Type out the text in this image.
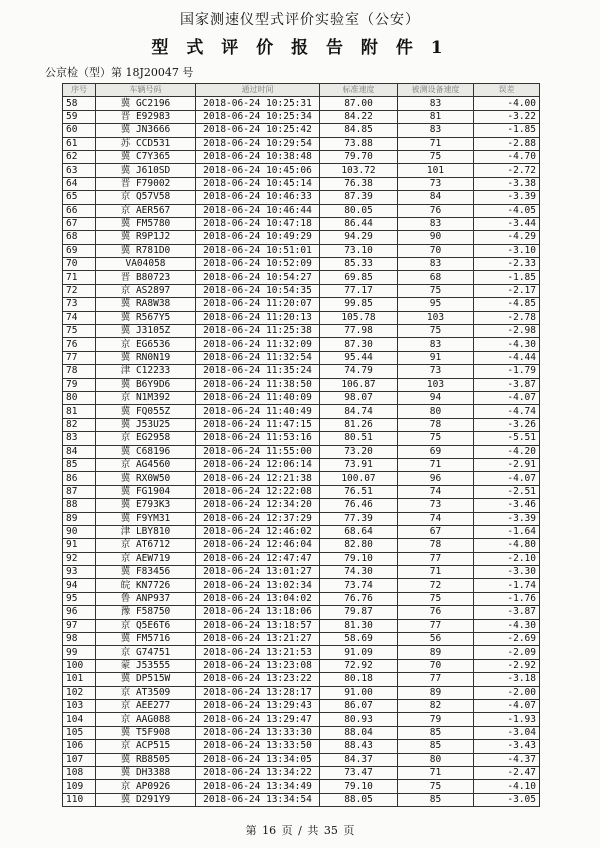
国家测速仪型式评价实验室（公安）
型 式 评 价 报 告 附 件 1
公京检（型）第 18J20047 号
序号	车辆号码	通过时间	标准速度	被测设备速度	误差
58	冀 GC2196	2018-06-24 10:25:31	87.00	83	-4.00
59	晋 E92983	2018-06-24 10:25:34	84.22	81	-3.22
60	冀 JN3666	2018-06-24 10:25:42	84.85	83	-1.85
61	苏 CCD531	2018-06-24 10:29:54	73.88	71	-2.88
62	冀 C7Y365	2018-06-24 10:38:48	79.70	75	-4.70
63	冀 J610SD	2018-06-24 10:45:06	103.72	101	-2.72
64	晋 F79002	2018-06-24 10:45:14	76.38	73	-3.38
65	京 Q57V58	2018-06-24 10:46:33	87.39	84	-3.39
66	京 AER567	2018-06-24 10:46:44	80.05	76	-4.05
67	冀 FM5780	2018-06-24 10:47:18	86.44	83	-3.44
68	冀 R9P1J2	2018-06-24 10:49:29	94.29	90	-4.29
69	冀 R781D0	2018-06-24 10:51:01	73.10	70	-3.10
70	VA04058	2018-06-24 10:52:09	85.33	83	-2.33
71	晋 B80723	2018-06-24 10:54:27	69.85	68	-1.85
72	京 AS2897	2018-06-24 10:54:35	77.17	75	-2.17
73	冀 RA8W38	2018-06-24 11:20:07	99.85	95	-4.85
74	冀 R567Y5	2018-06-24 11:20:13	105.78	103	-2.78
75	冀 J3105Z	2018-06-24 11:25:38	77.98	75	-2.98
76	京 EG6536	2018-06-24 11:32:09	87.30	83	-4.30
77	冀 RN0N19	2018-06-24 11:32:54	95.44	91	-4.44
78	津 C12233	2018-06-24 11:35:24	74.79	73	-1.79
79	冀 B6Y9D6	2018-06-24 11:38:50	106.87	103	-3.87
80	京 N1M392	2018-06-24 11:40:09	98.07	94	-4.07
81	冀 FQ055Z	2018-06-24 11:40:49	84.74	80	-4.74
82	冀 J53U25	2018-06-24 11:47:15	81.26	78	-3.26
83	京 EG2958	2018-06-24 11:53:16	80.51	75	-5.51
84	冀 C68196	2018-06-24 11:55:00	73.20	69	-4.20
85	京 AG4560	2018-06-24 12:06:14	73.91	71	-2.91
86	冀 RX0W50	2018-06-24 12:21:38	100.07	96	-4.07
87	冀 FG1904	2018-06-24 12:22:08	76.51	74	-2.51
88	冀 E793K3	2018-06-24 12:34:20	76.46	73	-3.46
89	冀 F9YM31	2018-06-24 12:37:29	77.39	74	-3.39
90	津 LBY810	2018-06-24 12:46:02	68.64	67	-1.64
91	京 AT6712	2018-06-24 12:46:04	82.80	78	-4.80
92	京 AEW719	2018-06-24 12:47:47	79.10	77	-2.10
93	冀 F83456	2018-06-24 13:01:27	74.30	71	-3.30
94	皖 KN7726	2018-06-24 13:02:34	73.74	72	-1.74
95	鲁 ANP937	2018-06-24 13:04:02	76.76	75	-1.76
96	豫 F58750	2018-06-24 13:18:06	79.87	76	-3.87
97	京 Q5E6T6	2018-06-24 13:18:57	81.30	77	-4.30
98	冀 FM5716	2018-06-24 13:21:27	58.69	56	-2.69
99	京 G74751	2018-06-24 13:21:53	91.09	89	-2.09
100	蒙 J53555	2018-06-24 13:23:08	72.92	70	-2.92
101	冀 DP515W	2018-06-24 13:23:22	80.18	77	-3.18
102	京 AT3509	2018-06-24 13:28:17	91.00	89	-2.00
103	京 AEE277	2018-06-24 13:29:43	86.07	82	-4.07
104	京 AAG088	2018-06-24 13:29:47	80.93	79	-1.93
105	冀 T5F908	2018-06-24 13:33:30	88.04	85	-3.04
106	京 ACP515	2018-06-24 13:33:50	88.43	85	-3.43
107	冀 RB8505	2018-06-24 13:34:05	84.37	80	-4.37
108	冀 DH3388	2018-06-24 13:34:22	73.47	71	-2.47
109	京 AP0926	2018-06-24 13:34:49	79.10	75	-4.10
110	冀 D291Y9	2018-06-24 13:34:54	88.05	85	-3.05
第 16 页 / 共 35 页
